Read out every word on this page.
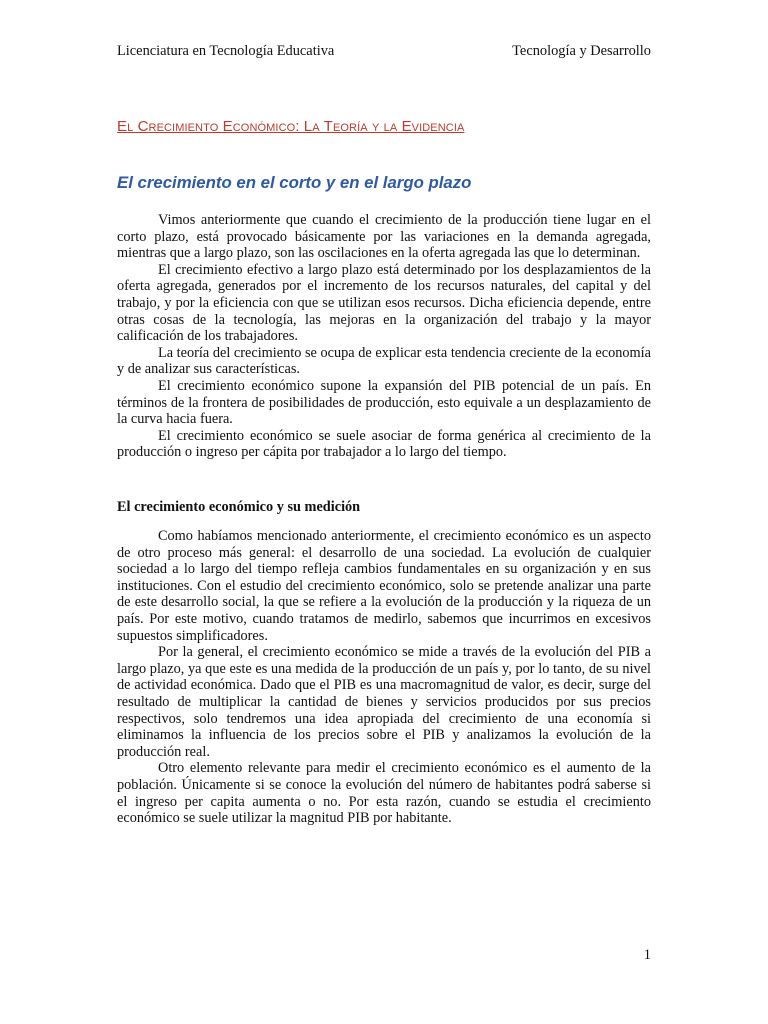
Licenciatura en Tecnología Educativa	Tecnología y Desarrollo
El Crecimiento Económico: La Teoría y la Evidencia
El crecimiento en el corto y en el largo plazo

Vimos anteriormente que cuando el crecimiento de la producción tiene lugar en el corto plazo, está provocado básicamente por las variaciones en la demanda agregada, mientras que a largo plazo, son las oscilaciones en la oferta agregada las que lo determinan.

El crecimiento efectivo a largo plazo está determinado por los desplazamientos de la oferta agregada, generados por el incremento de los recursos naturales, del capital y del trabajo, y por la eficiencia con que se utilizan esos recursos. Dicha eficiencia depende, entre otras cosas de la tecnología, las mejoras en la organización del trabajo y la mayor calificación de los trabajadores.

La teoría del crecimiento se ocupa de explicar esta tendencia creciente de la economía y de analizar sus características.

El crecimiento económico supone la expansión del PIB potencial de un país. En términos de la frontera de posibilidades de producción, esto equivale a un desplazamiento de la curva hacia fuera.

El crecimiento económico se suele asociar de forma genérica al crecimiento de la producción o ingreso per cápita por trabajador a lo largo del tiempo.

El crecimiento económico y su medición

Como habíamos mencionado anteriormente, el crecimiento económico es un aspecto de otro proceso más general: el desarrollo de una sociedad. La evolución de cualquier sociedad a lo largo del tiempo refleja cambios fundamentales en su organización y en sus instituciones. Con el estudio del crecimiento económico, solo se pretende analizar una parte de este desarrollo social, la que se refiere a la evolución de la producción y la riqueza de un país. Por este motivo, cuando tratamos de medirlo, sabemos que incurrimos en excesivos supuestos simplificadores.

Por la general, el crecimiento económico se mide a través de la evolución del PIB a largo plazo, ya que este es una medida de la producción de un país y, por lo tanto, de su nivel de actividad económica. Dado que el PIB es una macromagnitud de valor, es decir, surge del resultado de multiplicar la cantidad de bienes y servicios producidos por sus precios respectivos, solo tendremos una idea apropiada del crecimiento de una economía si eliminamos la influencia de los precios sobre el PIB y analizamos la evolución de la producción real.

Otro elemento relevante para medir el crecimiento económico es el aumento de la población. Únicamente si se conoce la evolución del número de habitantes podrá saberse si el ingreso per capita aumenta o no. Por esta razón, cuando se estudia el crecimiento económico se suele utilizar la magnitud PIB por habitante.

1
